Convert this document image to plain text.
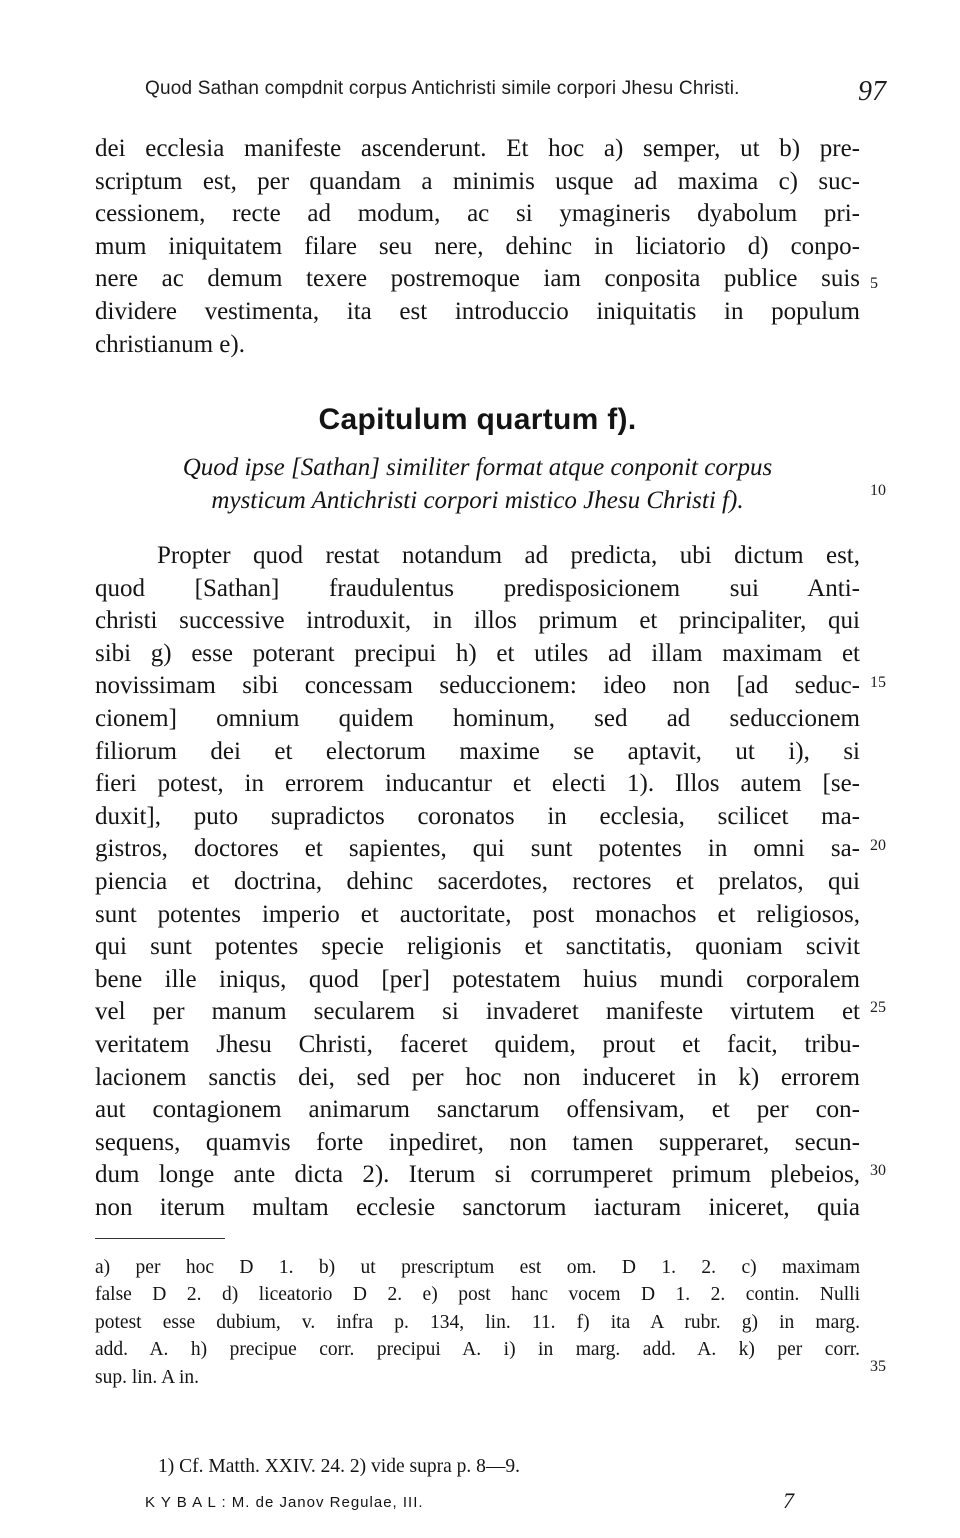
Quod Sathan compdnit corpus Antichristi simile corpori Jhesu Christi.	97
dei ecclesia manifeste ascenderunt. Et hoc a) semper, ut b) pre-
scriptum est, per quandam a minimis usque ad maxima c) suc-
cessionem, recte ad modum, ac si ymagineris dyabolum pri-
mum iniquitatem filare seu nere, dehinc in liciatorio d) conpo-
nere ac demum texere postremoque iam conposita publice suis
dividere vestimenta, ita est introduccio iniquitatis in populum
christianum e).
Capitulum quartum f).
Quod ipse [Sathan] similiter format atque conponit corpus
mysticum Antichristi corpori mistico Jhesu Christi f).
Propter quod restat notandum ad predicta, ubi dictum est,
quod [Sathan] fraudulentus predisposicionem sui Anti-
christi successive introduxit, in illos primum et principaliter, qui
sibi g) esse poterant precipui h) et utiles ad illam maximam et
novissimam sibi concessam seduccionem: ideo non [ad seduc-
cionem] omnium quidem hominum, sed ad seduccionem
filiorum dei et electorum maxime se aptavit, ut i), si
fieri potest, in errorem inducantur et electi 1). Illos autem [se-
duxit], puto supradictos coronatos in ecclesia, scilicet ma-
gistros, doctores et sapientes, qui sunt potentes in omni sa-
piencia et doctrina, dehinc sacerdotes, rectores et prelatos, qui
sunt potentes imperio et auctoritate, post monachos et religiosos,
qui sunt potentes specie religionis et sanctitatis, quoniam scivit
bene ille iniqus, quod [per] potestatem huius mundi corporalem
vel per manum secularem si invaderet manifeste virtutem et
veritatem Jhesu Christi, faceret quidem, prout et facit, tribu-
lacionem sanctis dei, sed per hoc non induceret in k) errorem
aut contagionem animarum sanctarum offensivam, et per con-
sequens, quamvis forte inpediret, non tamen supperaret, secun-
dum longe ante dicta 2). Iterum si corrumperet primum plebeios,
non iterum multam ecclesie sanctorum iacturam iniceret, quia
5
10
15
20
25
30
35
a) per hoc D 1. b) ut prescriptum est om. D 1. 2. c) maximam
false D 2. d) liceatorio D 2. e) post hanc vocem D 1. 2. contin. Nulli
potest esse dubium, v. infra p. 134, lin. 11. f) ita A rubr. g) in marg.
add. A. h) precipue corr. precipui A. i) in marg. add. A. k) per corr.
sup. lin. A in.
1) Cf. Matth. XXIV. 24. 2) vide supra p. 8—9.
K Y B A L : M. de Janov Regulae, III.	7
